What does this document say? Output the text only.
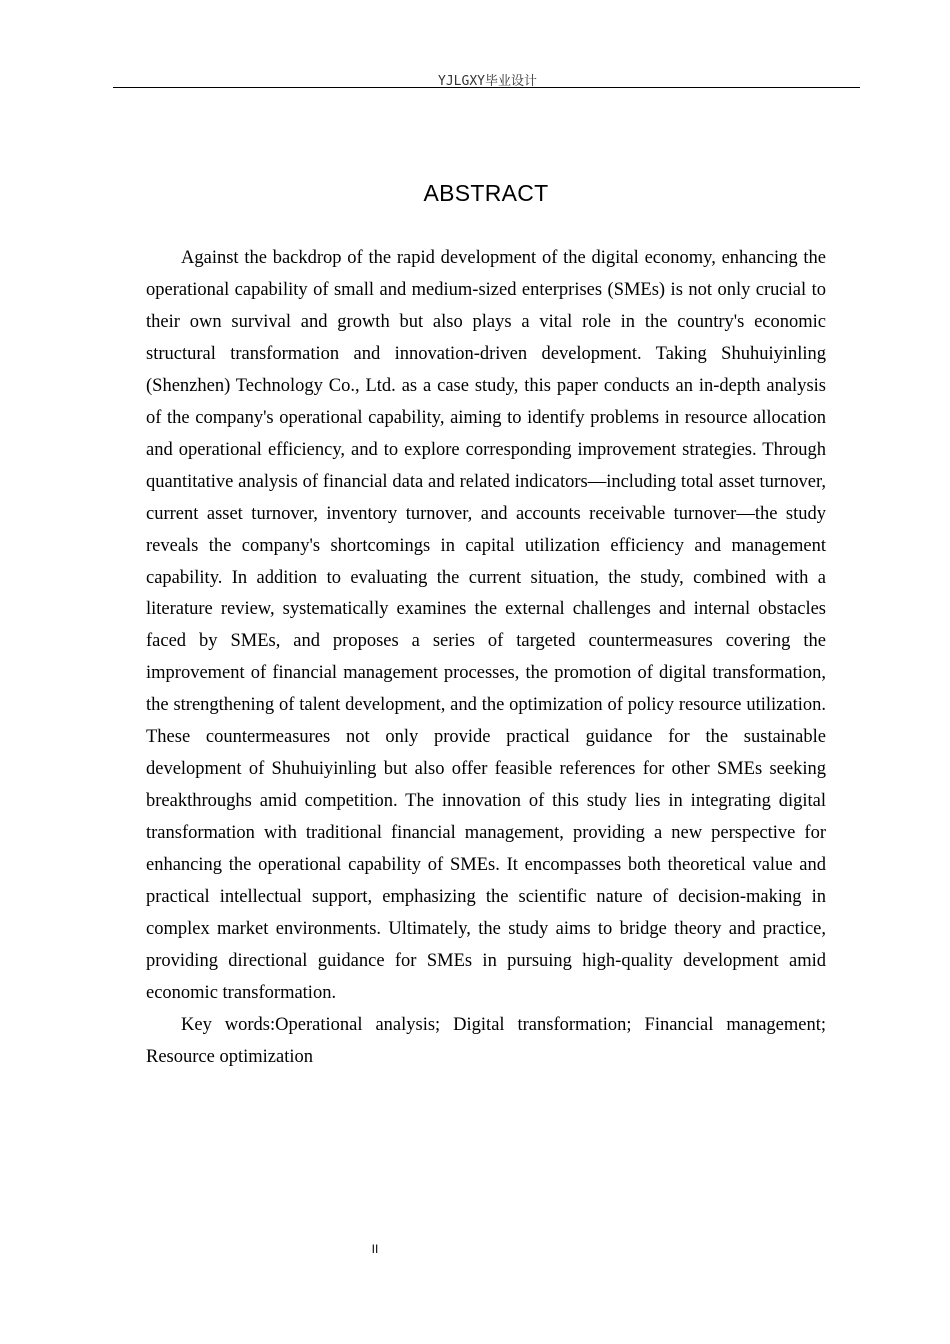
YJLGXY毕业设计
ABSTRACT

Against the backdrop of the rapid development of the digital economy, enhancing the operational capability of small and medium-sized enterprises (SMEs) is not only crucial to their own survival and growth but also plays a vital role in the country's economic structural transformation and innovation-driven development. Taking Shuhuiyinling (Shenzhen) Technology Co., Ltd. as a case study, this paper conducts an in-depth analysis of the company's operational capability, aiming to identify problems in resource allocation and operational efficiency, and to explore corresponding improvement strategies. Through quantitative analysis of financial data and related indicators—including total asset turnover, current asset turnover, inventory turnover, and accounts receivable turnover—the study reveals the company's shortcomings in capital utilization efficiency and management capability. In addition to evaluating the current situation, the study, combined with a literature review, systematically examines the external challenges and internal obstacles faced by SMEs, and proposes a series of targeted countermeasures covering the improvement of financial management processes, the promotion of digital transformation, the strengthening of talent development, and the optimization of policy resource utilization. These countermeasures not only provide practical guidance for the sustainable development of Shuhuiyinling but also offer feasible references for other SMEs seeking breakthroughs amid competition. The innovation of this study lies in integrating digital transformation with traditional financial management, providing a new perspective for enhancing the operational capability of SMEs. It encompasses both theoretical value and practical intellectual support, emphasizing the scientific nature of decision-making in complex market environments. Ultimately, the study aims to bridge theory and practice, providing directional guidance for SMEs in pursuing high-quality development amid economic transformation.

Key words:Operational analysis; Digital transformation; Financial management; Resource optimization

II
